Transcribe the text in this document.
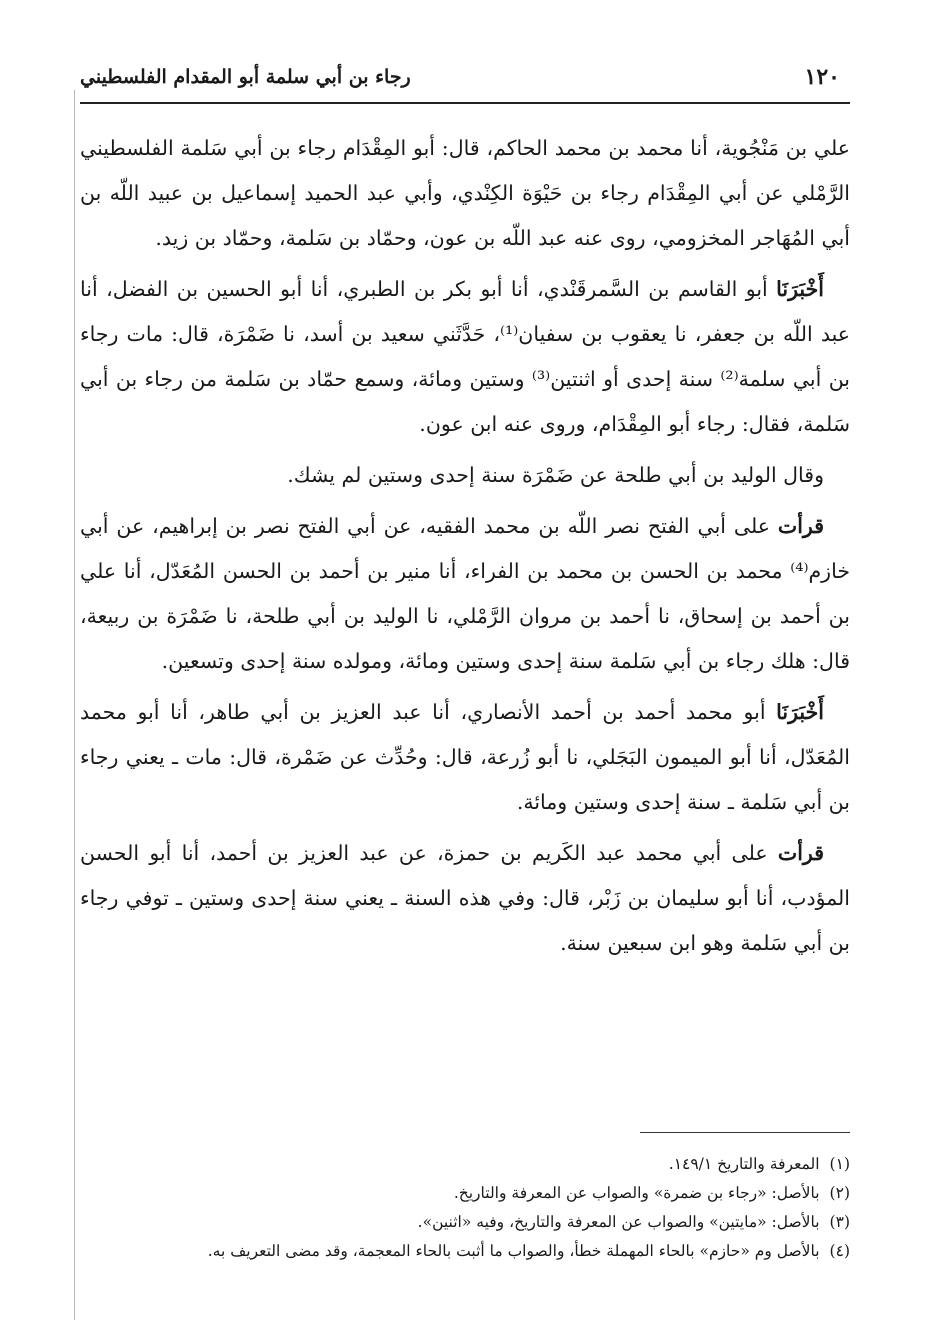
١٢٠
رجاء بن أبي سلمة أبو المقدام الفلسطيني

علي بن مَنْجُوية، أنا محمد بن محمد الحاكم، قال: أبو المِقْدَام رجاء بن أبي سَلمة الفلسطيني الرَّمْلي عن أبي المِقْدَام رجاء بن حَيْوَة الكِنْدي، وأبي عبد الحميد إسماعيل بن عبيد اللّه بن أبي المُهَاجر المخزومي، روى عنه عبد اللّه بن عون، وحمّاد بن سَلمة، وحمّاد بن زيد.

أَخْبَرَنَا أبو القاسم بن السَّمرقَنْدي، أنا أبو بكر بن الطبري، أنا أبو الحسين بن الفضل، أنا عبد اللّه بن جعفر، نا يعقوب بن سفيان⁽¹⁾، حَدَّثَني سعيد بن أسد، نا ضَمْرَة، قال: مات رجاء بن أبي سلمة⁽²⁾ سنة إحدى أو اثنتين⁽³⁾ وستين ومائة، وسمع حمّاد بن سَلمة من رجاء بن أبي سَلمة، فقال: رجاء أبو المِقْدَام، وروى عنه ابن عون.

وقال الوليد بن أبي طلحة عن ضَمْرَة سنة إحدى وستين لم يشك.

قرأت على أبي الفتح نصر اللّه بن محمد الفقيه، عن أبي الفتح نصر بن إبراهيم، عن أبي خازم⁽⁴⁾ محمد بن الحسن بن محمد بن الفراء، أنا منير بن أحمد بن الحسن المُعَدّل، أنا علي بن أحمد بن إسحاق، نا أحمد بن مروان الرَّمْلي، نا الوليد بن أبي طلحة، نا ضَمْرَة بن ربيعة، قال: هلك رجاء بن أبي سَلمة سنة إحدى وستين ومائة، ومولده سنة إحدى وتسعين.

أَخْبَرَنَا أبو محمد أحمد بن أحمد الأنصاري، أنا عبد العزيز بن أبي طاهر، أنا أبو محمد المُعَدّل، أنا أبو الميمون البَجَلي، نا أبو زُرعة، قال: وحُدِّث عن ضَمْرة، قال: مات ـ يعني رجاء بن أبي سَلمة ـ سنة إحدى وستين ومائة.

قرأت على أبي محمد عبد الكَريم بن حمزة، عن عبد العزيز بن أحمد، أنا أبو الحسن المؤدب، أنا أبو سليمان بن زَبْر، قال: وفي هذه السنة ـ يعني سنة إحدى وستين ـ توفي رجاء بن أبي سَلمة وهو ابن سبعين سنة.

(١)المعرفة والتاريخ ١٤٩/١.
(٢)بالأصل: «رجاء بن ضمرة» والصواب عن المعرفة والتاريخ.
(٣)بالأصل: «مايتين» والصواب عن المعرفة والتاريخ، وفيه «اثنين».
(٤)بالأصل وم «حازم» بالحاء المهملة خطأ، والصواب ما أثبت بالحاء المعجمة، وقد مضى التعريف به.
